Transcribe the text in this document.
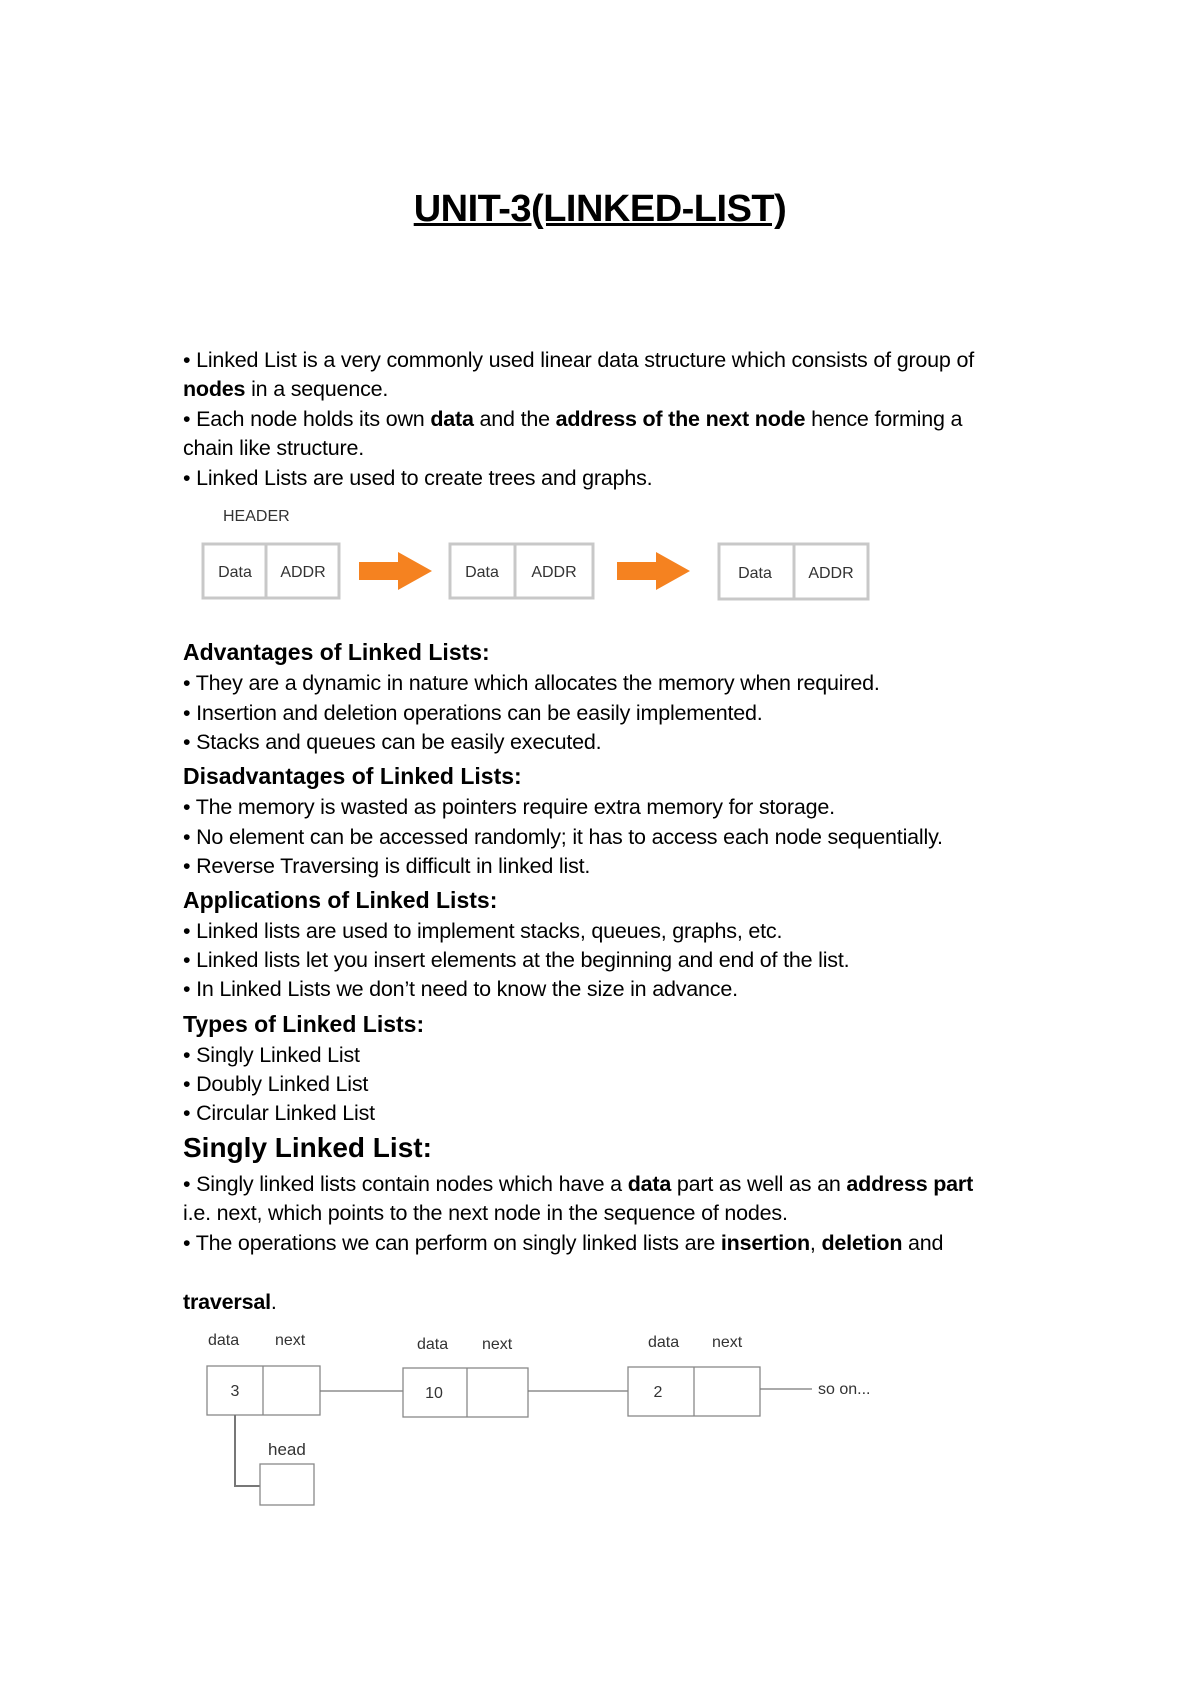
UNIT-3(LINKED-LIST)
• Linked List is a very commonly used linear data structure which consists of group of
nodes in a sequence.
• Each node holds its own data and the address of the next node hence forming a
chain like structure.
• Linked Lists are used to create trees and graphs.
HEADER
Data ADDR	Data ADDR	Data ADDR
Advantages of Linked Lists:
• They are a dynamic in nature which allocates the memory when required.
• Insertion and deletion operations can be easily implemented.
• Stacks and queues can be easily executed.
Disadvantages of Linked Lists:
• The memory is wasted as pointers require extra memory for storage.
• No element can be accessed randomly; it has to access each node sequentially.
• Reverse Traversing is difficult in linked list.
Applications of Linked Lists:
• Linked lists are used to implement stacks, queues, graphs, etc.
• Linked lists let you insert elements at the beginning and end of the list.
• In Linked Lists we don’t need to know the size in advance.
Types of Linked Lists:
• Singly Linked List
• Doubly Linked List
• Circular Linked List
Singly Linked List:
• Singly linked lists contain nodes which have a data part as well as an address part
i.e. next, which points to the next node in the sequence of nodes.
• The operations we can perform on singly linked lists are insertion, deletion and
traversal.
data next
3
data next
10
data next
2	so on...
head
